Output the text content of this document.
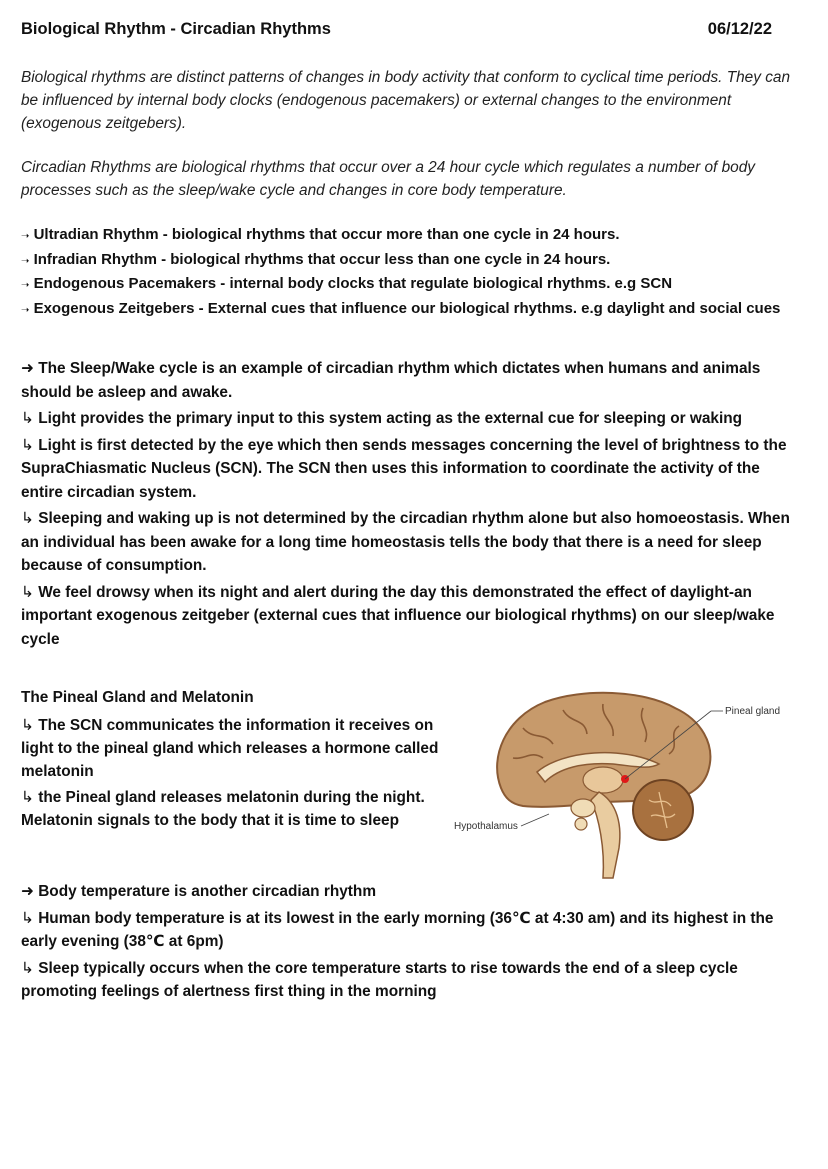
Biological Rhythm - Circadian Rhythms	06/12/22
Biological rhythms are distinct patterns of changes in body activity that conform to cyclical time periods. They can be influenced by internal body clocks (endogenous pacemakers) or external changes to the environment (exogenous zeitgebers).
Circadian Rhythms are biological rhythms that occur over a 24 hour cycle which regulates a number of body processes such as the sleep/wake cycle and changes in core body temperature.

➝ Ultradian Rhythm - biological rhythms that occur more than one cycle in 24 hours.

➝ Infradian Rhythm - biological rhythms that occur less than one cycle in 24 hours.

➝ Endogenous Pacemakers - internal body clocks that regulate biological rhythms. e.g SCN

➝ Exogenous Zeitgebers - External cues that influence our biological rhythms. e.g daylight and social cues

➜ The Sleep/Wake cycle is an example of circadian rhythm which dictates when humans and animals should be asleep and awake.

↳ Light provides the primary input to this system acting as the external cue for sleeping or waking

↳ Light is first detected by the eye which then sends messages concerning the level of brightness to the SupraChiasmatic Nucleus (SCN). The SCN then uses this information to coordinate the activity of the entire circadian system.

↳ Sleeping and waking up is not determined by the circadian rhythm alone but also homoeostasis. When an individual has been awake for a long time homeostasis tells the body that there is a need for sleep because of consumption.

↳ We feel drowsy when its night and alert during the day this demonstrated the effect of daylight-an important exogenous zeitgeber (external cues that influence our biological rhythms) on our sleep/wake cycle

The Pineal Gland and Melatonin

↳ The SCN communicates the information it receives on light to the pineal gland which releases a hormone called melatonin

↳ the Pineal gland releases melatonin during the night. Melatonin signals to the body that it is time to sleep

Pineal gland
Hypothalamus

➜ Body temperature is another circadian rhythm

↳ Human body temperature is at its lowest in the early morning (36℃ at 4:30 am) and its highest in the early evening (38℃ at 6pm)

↳ Sleep typically occurs when the core temperature starts to rise towards the end of a sleep cycle promoting feelings of alertness first thing in the morning
